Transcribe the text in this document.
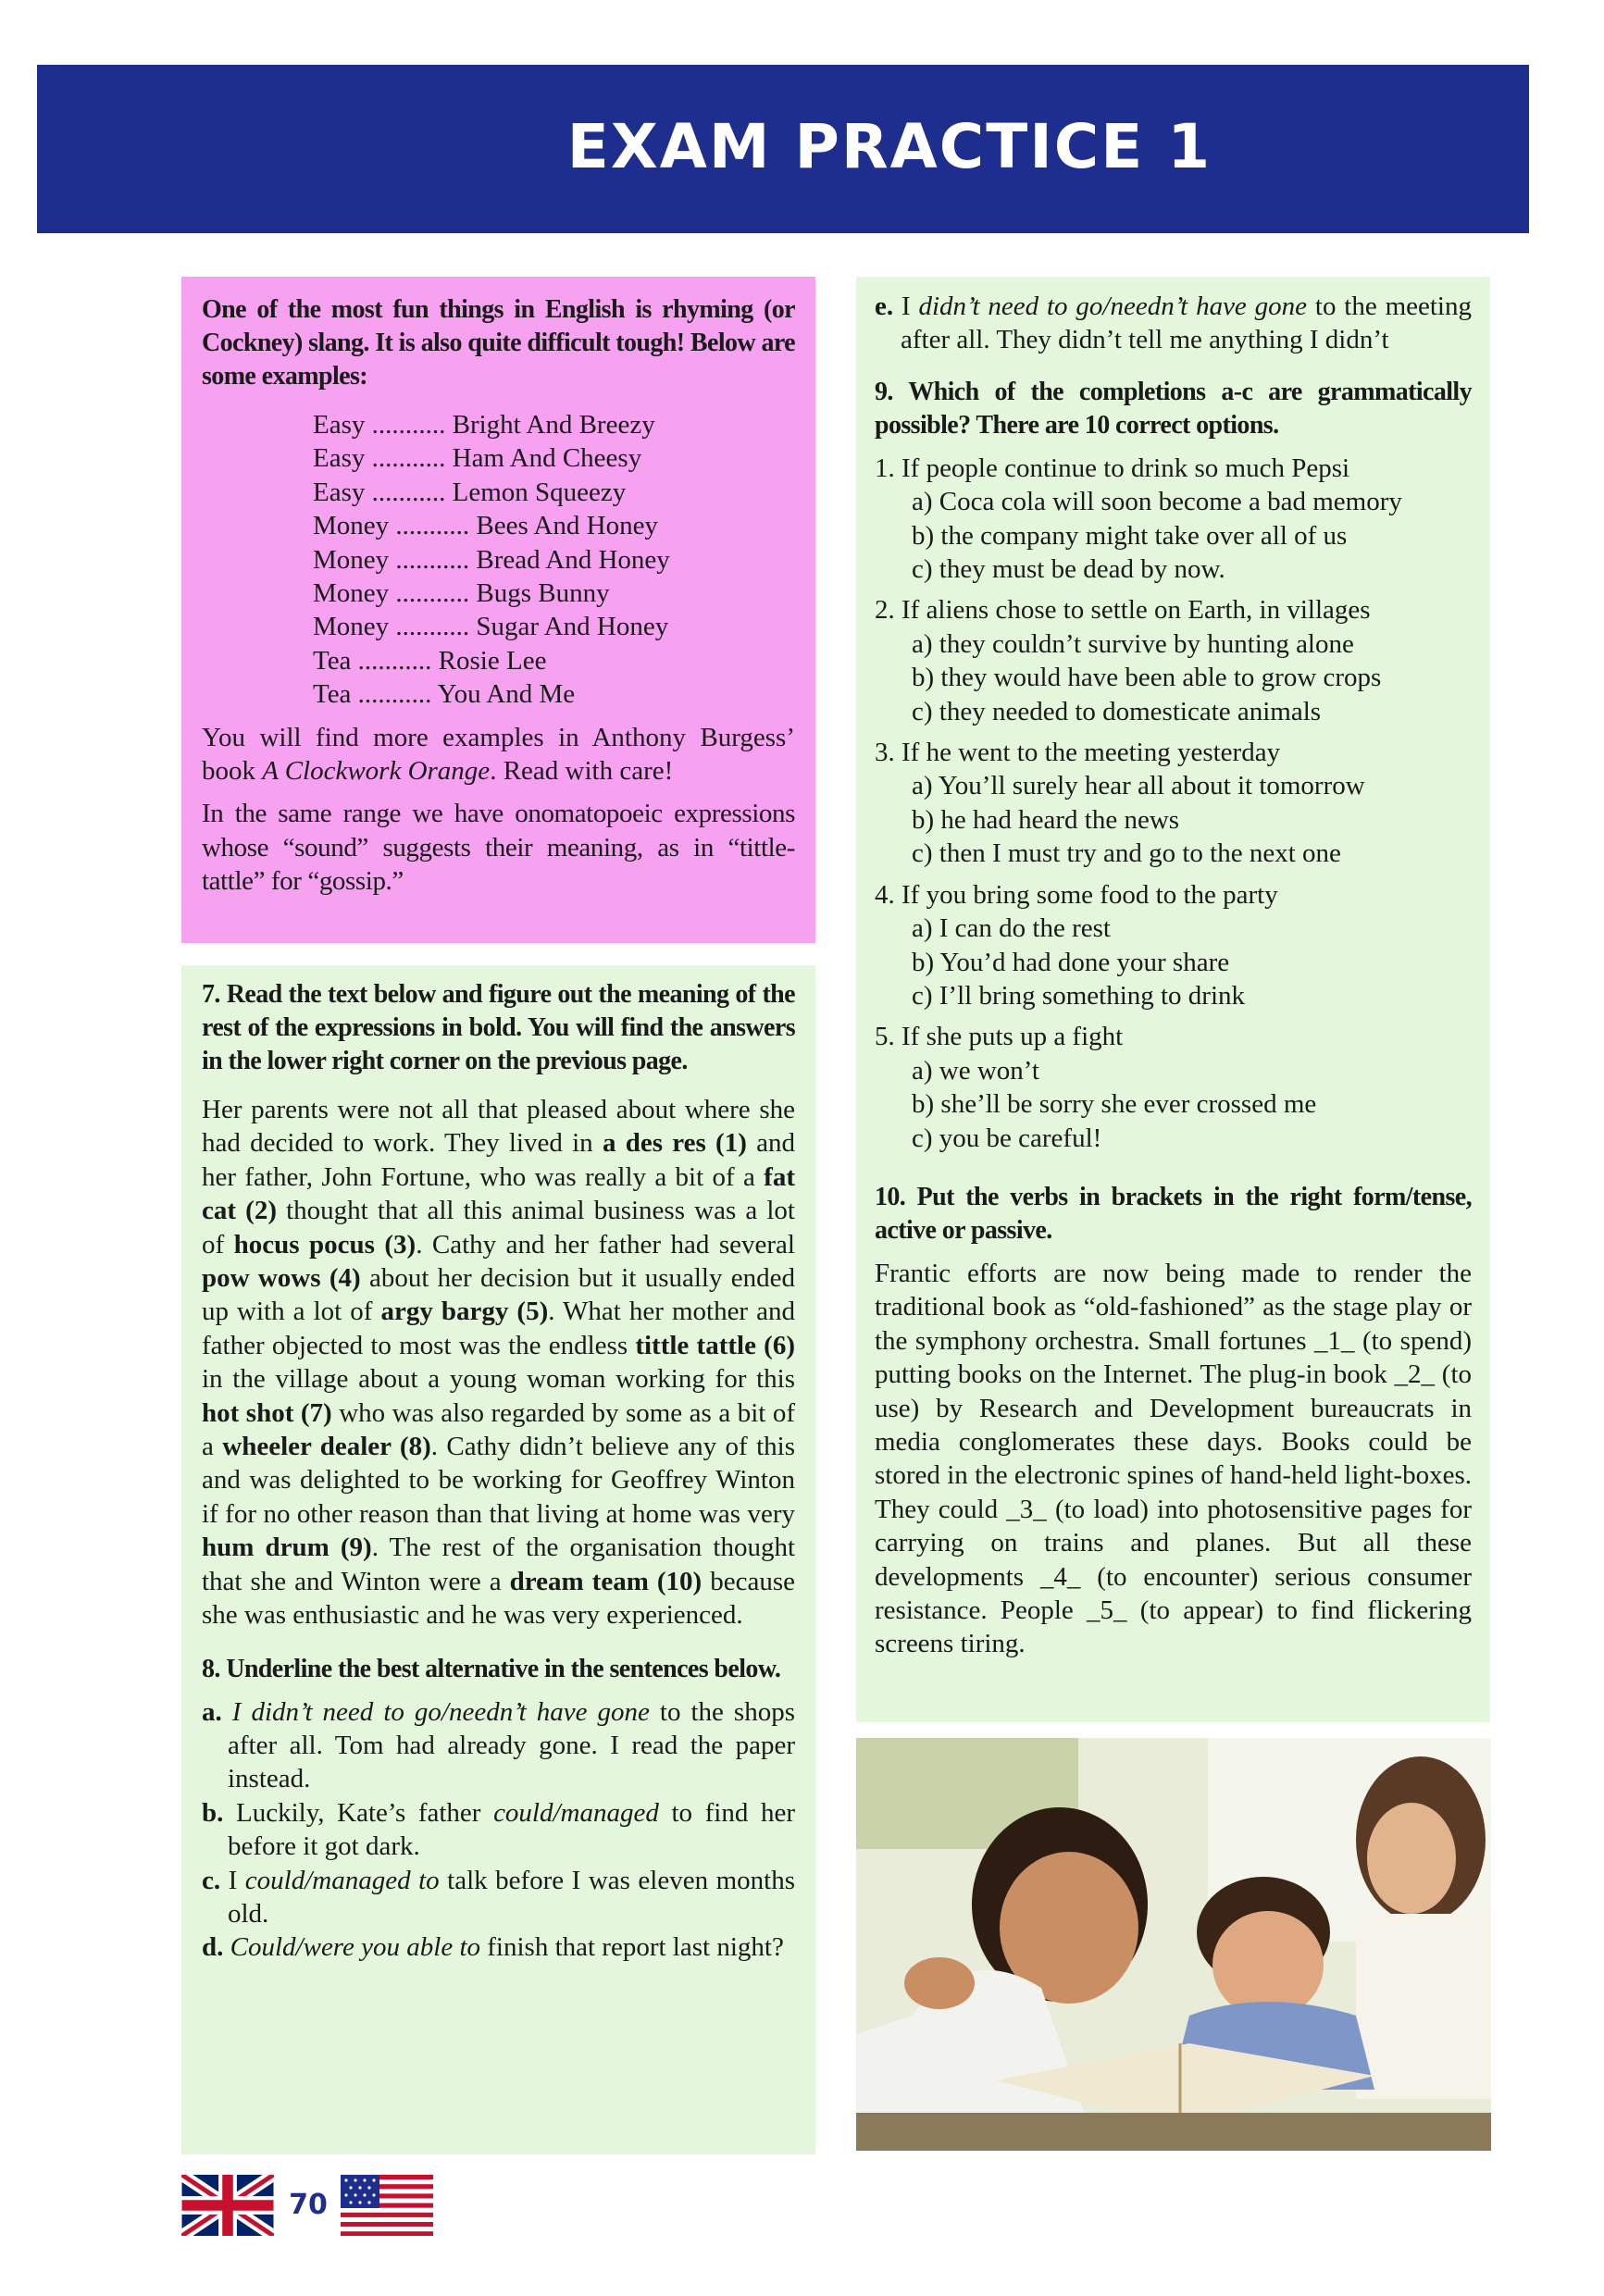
EXAM PRACTICE 1

One of the most fun things in English is rhyming (or Cockney) slang. It is also quite difficult tough! Below are some examples:

Easy ........... Bright And Breezy

Easy ........... Ham And Cheesy

Easy ........... Lemon Squeezy

Money ........... Bees And Honey

Money ........... Bread And Honey

Money ........... Bugs Bunny

Money ........... Sugar And Honey

Tea ........... Rosie Lee

Tea ........... You And Me

You will find more examples in Anthony Burgess’ book A Clockwork Orange. Read with care!

In the same range we have onomatopoeic expressions whose “sound” suggests their meaning, as in “tittle-tattle” for “gossip.”

7. Read the text below and figure out the meaning of the rest of the expressions in bold. You will find the answers in the lower right corner on the previous page.

Her parents were not all that pleased about where she had decided to work. They lived in a des res (1) and her father, John Fortune, who was really a bit of a fat cat (2) thought that all this animal business was a lot of hocus pocus (3). Cathy and her father had several pow wows (4) about her decision but it usually ended up with a lot of argy bargy (5). What her mother and father objected to most was the endless tittle tattle (6) in the village about a young woman working for this hot shot (7) who was also regarded by some as a bit of a wheeler dealer (8). Cathy didn’t believe any of this and was delighted to be working for Geoffrey Winton if for no other reason than that living at home was very hum drum (9). The rest of the organisation thought that she and Winton were a dream team (10) because she was enthusiastic and he was very experienced.

8. Underline the best alternative in the sentences below.

a. I didn’t need to go/needn’t have gone to the shops after all. Tom had already gone. I read the paper instead.

b. Luckily, Kate’s father could/managed to find her before it got dark.

c. I could/managed to talk before I was eleven months old.

d. Could/were you able to finish that report last night?

e. I didn’t need to go/needn’t have gone to the meeting after all. They didn’t tell me anything I didn’t

9. Which of the completions a-c are grammatically possible? There are 10 correct options.

1. If people continue to drink so much Pepsi

a) Coca cola will soon become a bad memory

b) the company might take over all of us

c) they must be dead by now.

2. If aliens chose to settle on Earth, in villages

a) they couldn’t survive by hunting alone

b) they would have been able to grow crops

c) they needed to domesticate animals

3. If he went to the meeting yesterday

a) You’ll surely hear all about it tomorrow

b) he had heard the news

c) then I must try and go to the next one

4. If you bring some food to the party

a) I can do the rest

b) You’d had done your share

c) I’ll bring something to drink

5. If she puts up a fight

a) we won’t

b) she’ll be sorry she ever crossed me

c) you be careful!

10. Put the verbs in brackets in the right form/tense, active or passive.

Frantic efforts are now being made to render the traditional book as “old-fashioned” as the stage play or the symphony orchestra. Small fortunes _1_ (to spend) putting books on the Internet. The plug-in book _2_ (to use) by Research and Development bureaucrats in media conglomerates these days. Books could be stored in the electronic spines of hand-held light-boxes. They could _3_ (to load) into photosensitive pages for carrying on trains and planes. But all these developments _4_ (to encounter) serious consumer resistance. People _5_ (to appear) to find flickering screens tiring.

70
